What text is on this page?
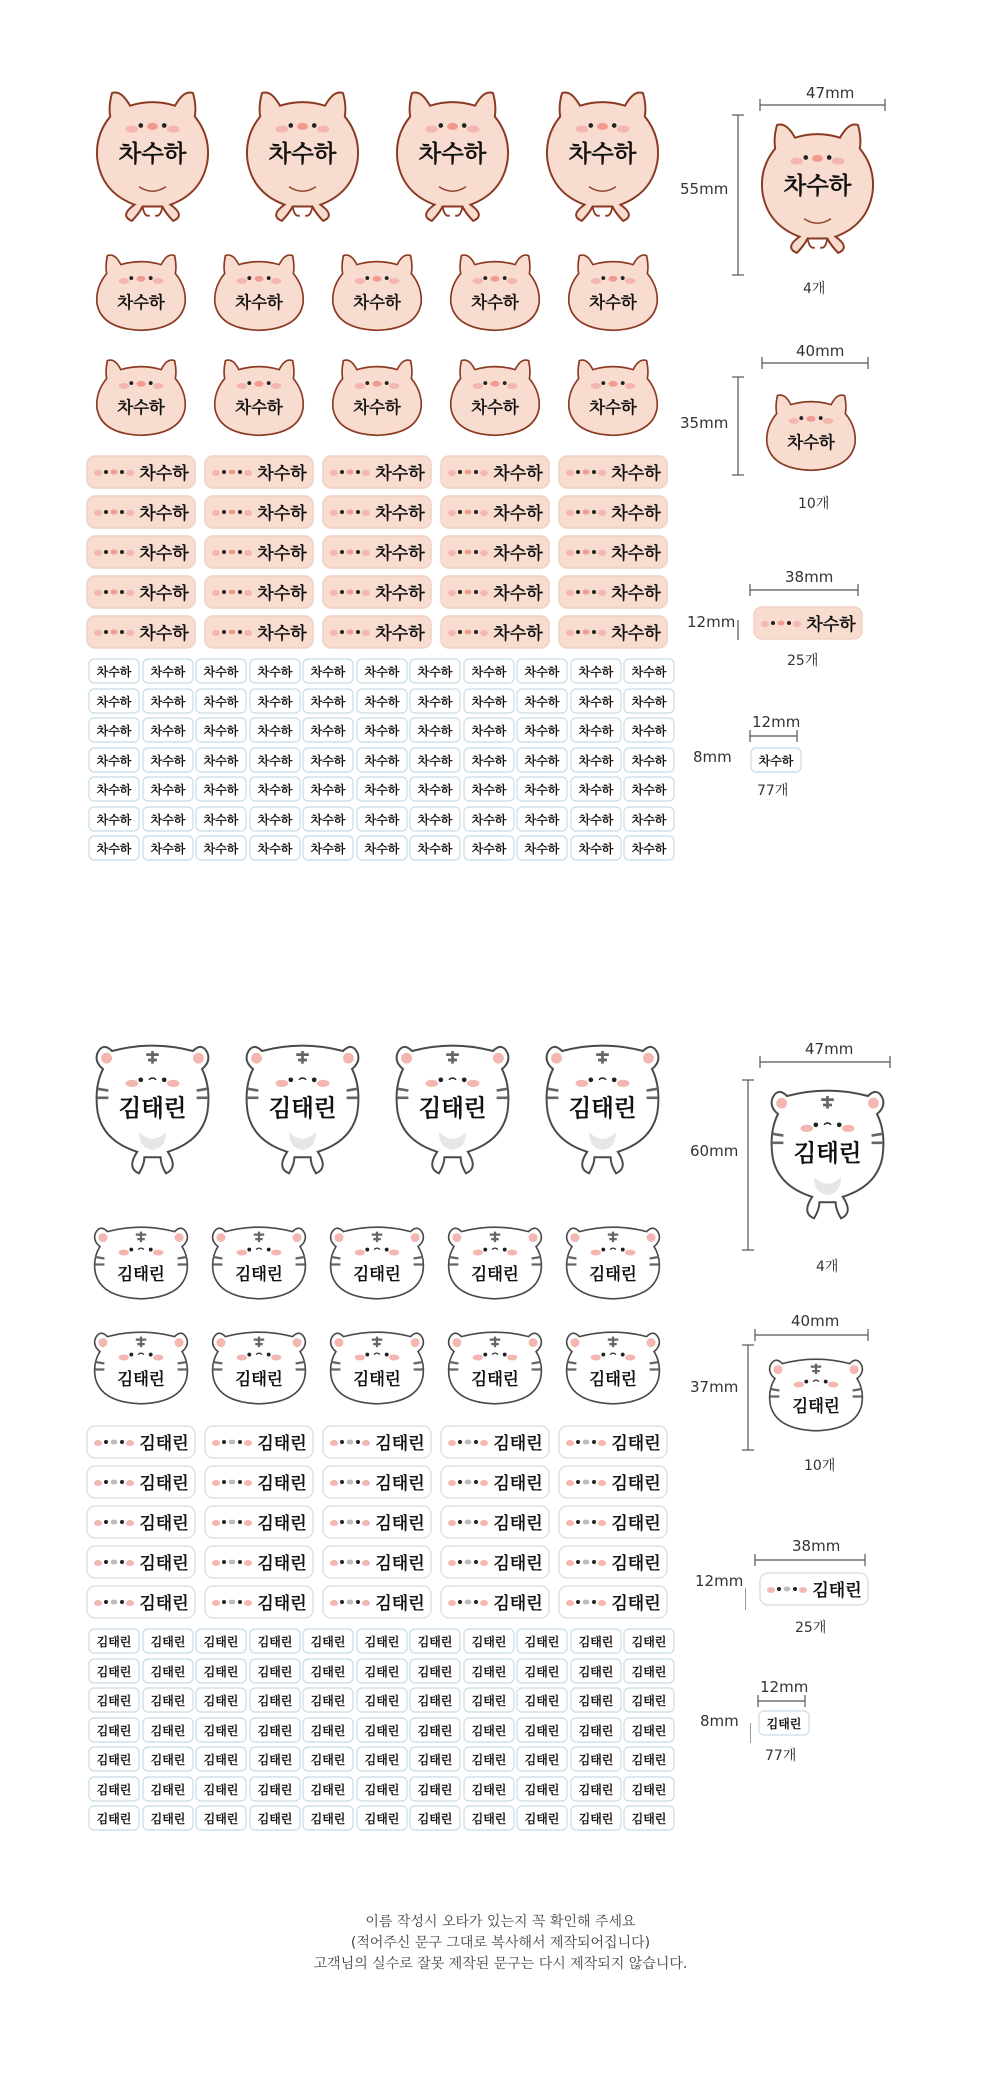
차수하	차수하	차수하	차수하
차수하	차수하	차수하	차수하	차수하
차수하	차수하	차수하	차수하	차수하
차수하	차수하	차수하	차수하	차수하
차수하	차수하	차수하	차수하	차수하
차수하	차수하	차수하	차수하	차수하
차수하	차수하	차수하	차수하	차수하
차수하	차수하	차수하	차수하	차수하
차수하 차수하 차수하 차수하 차수하 차수하 차수하 차수하 차수하 차수하 차수하
차수하 차수하 차수하 차수하 차수하 차수하 차수하 차수하 차수하 차수하 차수하
차수하 차수하 차수하 차수하 차수하 차수하 차수하 차수하 차수하 차수하 차수하
차수하 차수하 차수하 차수하 차수하 차수하 차수하 차수하 차수하 차수하 차수하
차수하 차수하 차수하 차수하 차수하 차수하 차수하 차수하 차수하 차수하 차수하
차수하 차수하 차수하 차수하 차수하 차수하 차수하 차수하 차수하 차수하 차수하
차수하 차수하 차수하 차수하 차수하 차수하 차수하 차수하 차수하 차수하 차수하
김태린	김태린	김태린	김태린
김태린	김태린	김태린	김태린	김태린
김태린	김태린	김태린	김태린	김태린
김태린	김태린	김태린	김태린	김태린
김태린	김태린	김태린	김태린	김태린
김태린	김태린	김태린	김태린	김태린
김태린	김태린	김태린	김태린	김태린
김태린	김태린	김태린	김태린	김태린
김태린 김태린 김태린 김태린 김태린 김태린 김태린 김태린 김태린 김태린 김태린
김태린 김태린 김태린 김태린 김태린 김태린 김태린 김태린 김태린 김태린 김태린
김태린 김태린 김태린 김태린 김태린 김태린 김태린 김태린 김태린 김태린 김태린
김태린 김태린 김태린 김태린 김태린 김태린 김태린 김태린 김태린 김태린 김태린
김태린 김태린 김태린 김태린 김태린 김태린 김태린 김태린 김태린 김태린 김태린
김태린 김태린 김태린 김태린 김태린 김태린 김태린 김태린 김태린 김태린 김태린
김태린 김태린 김태린 김태린 김태린 김태린 김태린 김태린 김태린 김태린 김태린
47mm
55mm 차수하
4개
40mm
35mm
차수하
10개
38mm
12mm	차수하
25개
12mm
8mm 차수하
77개
47mm
60mm 김태린
4개
40mm
37mm
김태린
10개
38mm
12mm	김태린
25개
12mm
8mm 김태린
77개
이름 작성시 오타가 있는지 꼭 확인해 주세요
(적어주신 문구 그대로 복사해서 제작되어집니다)
고객님의 실수로 잘못 제작된 문구는 다시 제작되지 않습니다.
